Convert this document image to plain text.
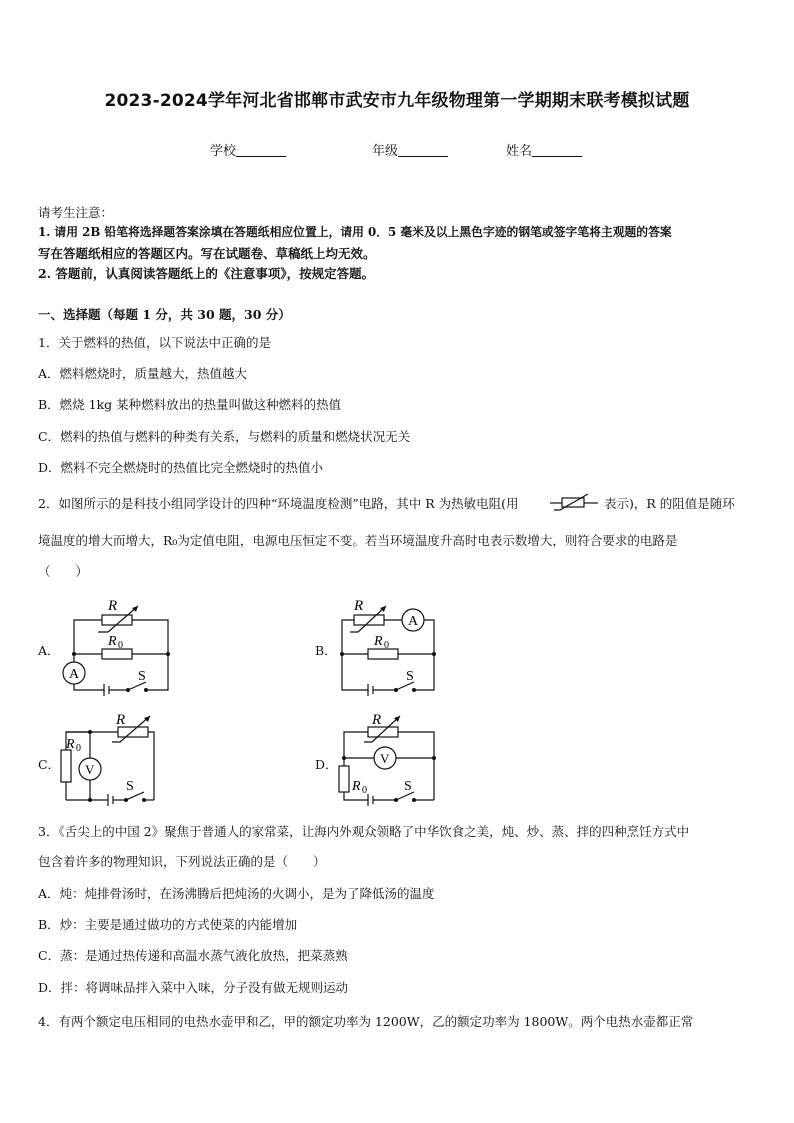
2023-2024学年河北省邯郸市武安市九年级物理第一学期期末联考模拟试题
学校	年级	姓名
请考生注意：
1. 请用 2B 铅笔将选择题答案涂填在答题纸相应位置上，请用 0．5 毫米及以上黑色字迹的钢笔或签字笔将主观题的答案
写在答题纸相应的答题区内。写在试题卷、草稿纸上均无效。
2. 答题前，认真阅读答题纸上的《注意事项》，按规定答题。
一、选择题（每题 1 分，共 30 题，30 分）
1．关于燃料的热值，以下说法中正确的是
A．燃料燃烧时，质量越大，热值越大
B．燃烧 1kg 某种燃料放出的热量叫做这种燃料的热值
C．燃料的热值与燃料的种类有关系，与燃料的质量和燃烧状况无关
D．燃料不完全燃烧时的热值比完全燃烧时的热值小
2．如图所示的是科技小组同学设计的四种“环境温度检测”电路，其中 R 为热敏电阻(用	表示)，R 的阻值是随环
境温度的增大而增大，R₀为定值电阻，电源电压恒定不变。若当环境温度升高时电表示数增大，则符合要求的电路是
（　　）
A．
R
R 0
A	S
B．
R
A
R 0
S
C．
R
R 0
V
S
D．
R
V
R 0	S
3．《舌尖上的中国 2》聚焦于普通人的家常菜，让海内外观众领略了中华饮食之美，炖、炒、蒸、拌的四种烹饪方式中
包含着许多的物理知识，下列说法正确的是（　　）
A．炖：炖排骨汤时，在汤沸腾后把炖汤的火调小，是为了降低汤的温度
B．炒：主要是通过做功的方式使菜的内能增加
C．蒸：是通过热传递和高温水蒸气液化放热，把菜蒸熟
D．拌：将调味品拌入菜中入味，分子没有做无规则运动
4．有两个额定电压相同的电热水壶甲和乙，甲的额定功率为 1200W，乙的额定功率为 1800W。两个电热水壶都正常
